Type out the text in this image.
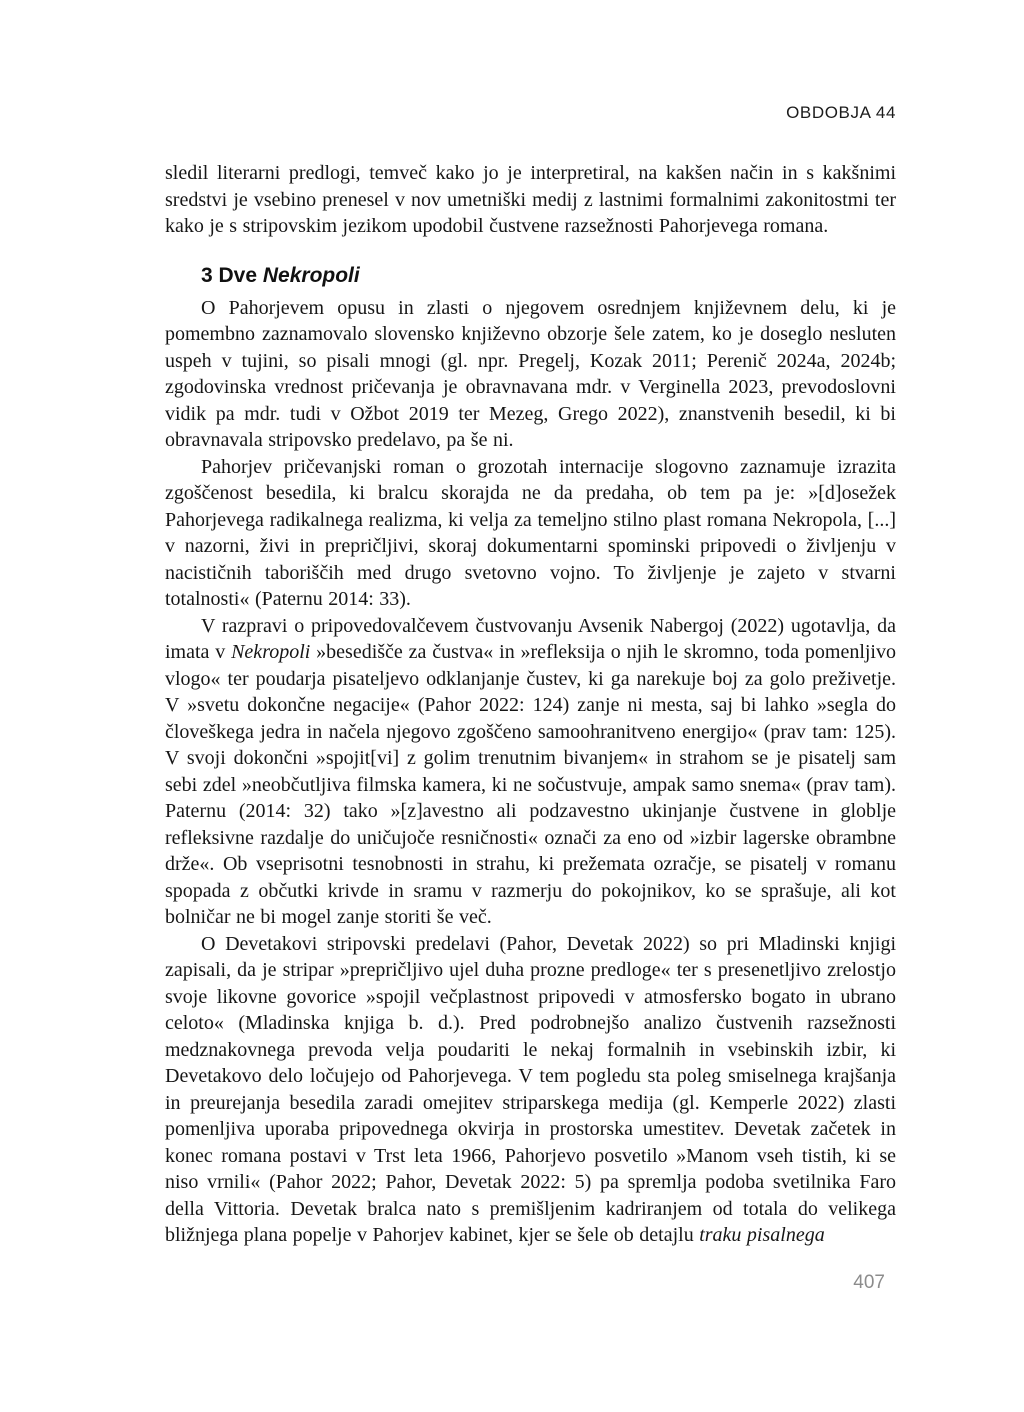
OBDOBJA 44

sledil literarni predlogi, temveč kako jo je interpretiral, na kakšen način in s kakšnimi sredstvi je vsebino prenesel v nov umetniški medij z lastnimi formalnimi zakonitostmi ter kako je s stripovskim jezikom upodobil čustvene razsežnosti Pahorjevega romana.

3 Dve Nekropoli

O Pahorjevem opusu in zlasti o njegovem osrednjem književnem delu, ki je pomembno zaznamovalo slovensko književno obzorje šele zatem, ko je doseglo nesluten uspeh v tujini, so pisali mnogi (gl. npr. Pregelj, Kozak 2011; Perenič 2024a, 2024b; zgodovinska vrednost pričevanja je obravnavana mdr. v Verginella 2023, prevodoslovni vidik pa mdr. tudi v Ožbot 2019 ter Mezeg, Grego 2022), znanstvenih besedil, ki bi obravnavala stripovsko predelavo, pa še ni.

Pahorjev pričevanjski roman o grozotah internacije slogovno zaznamuje izrazita zgoščenost besedila, ki bralcu skorajda ne da predaha, ob tem pa je: »[d]osežek Pahorjevega radikalnega realizma, ki velja za temeljno stilno plast romana Nekropola, [...] v nazorni, živi in prepričljivi, skoraj dokumentarni spominski pripovedi o življenju v nacističnih taboriščih med drugo svetovno vojno. To življenje je zajeto v stvarni totalnosti« (Paternu 2014: 33).

V razpravi o pripovedovalčevem čustvovanju Avsenik Nabergoj (2022) ugotavlja, da imata v Nekropoli »besedišče za čustva« in »refleksija o njih le skromno, toda pomenljivo vlogo« ter poudarja pisateljevo odklanjanje čustev, ki ga narekuje boj za golo preživetje. V »svetu dokončne negacije« (Pahor 2022: 124) zanje ni mesta, saj bi lahko »segla do človeškega jedra in načela njegovo zgoščeno samoohranitveno energijo« (prav tam: 125). V svoji dokončni »spojit[vi] z golim trenutnim bivanjem« in strahom se je pisatelj sam sebi zdel »neobčutljiva filmska kamera, ki ne sočustvuje, ampak samo snema« (prav tam). Paternu (2014: 32) tako »[z]avestno ali podzavestno ukinjanje čustvene in globlje refleksivne razdalje do uničujoče resničnosti« označi za eno od »izbir lagerske obrambne drže«. Ob vseprisotni tesnobnosti in strahu, ki prežemata ozračje, se pisatelj v romanu spopada z občutki krivde in sramu v razmerju do pokojnikov, ko se sprašuje, ali kot bolničar ne bi mogel zanje storiti še več.

O Devetakovi stripovski predelavi (Pahor, Devetak 2022) so pri Mladinski knjigi zapisali, da je stripar »prepričljivo ujel duha prozne predloge« ter s presenetljivo zrelostjo svoje likovne govorice »spojil večplastnost pripovedi v atmosfersko bogato in ubrano celoto« (Mladinska knjiga b. d.). Pred podrobnejšo analizo čustvenih razsežnosti medznakovnega prevoda velja poudariti le nekaj formalnih in vsebinskih izbir, ki Devetakovo delo ločujejo od Pahorjevega. V tem pogledu sta poleg smiselnega krajšanja in preurejanja besedila zaradi omejitev striparskega medija (gl. Kemperle 2022) zlasti pomenljiva uporaba pripovednega okvirja in prostorska umestitev. Devetak začetek in konec romana postavi v Trst leta 1966, Pahorjevo posvetilo »Manom vseh tistih, ki se niso vrnili« (Pahor 2022; Pahor, Devetak 2022: 5) pa spremlja podoba svetilnika Faro della Vittoria. Devetak bralca nato s premišljenim kadriranjem od totala do velikega bližnjega plana popelje v Pahorjev kabinet, kjer se šele ob detajlu traku pisalnega

407
